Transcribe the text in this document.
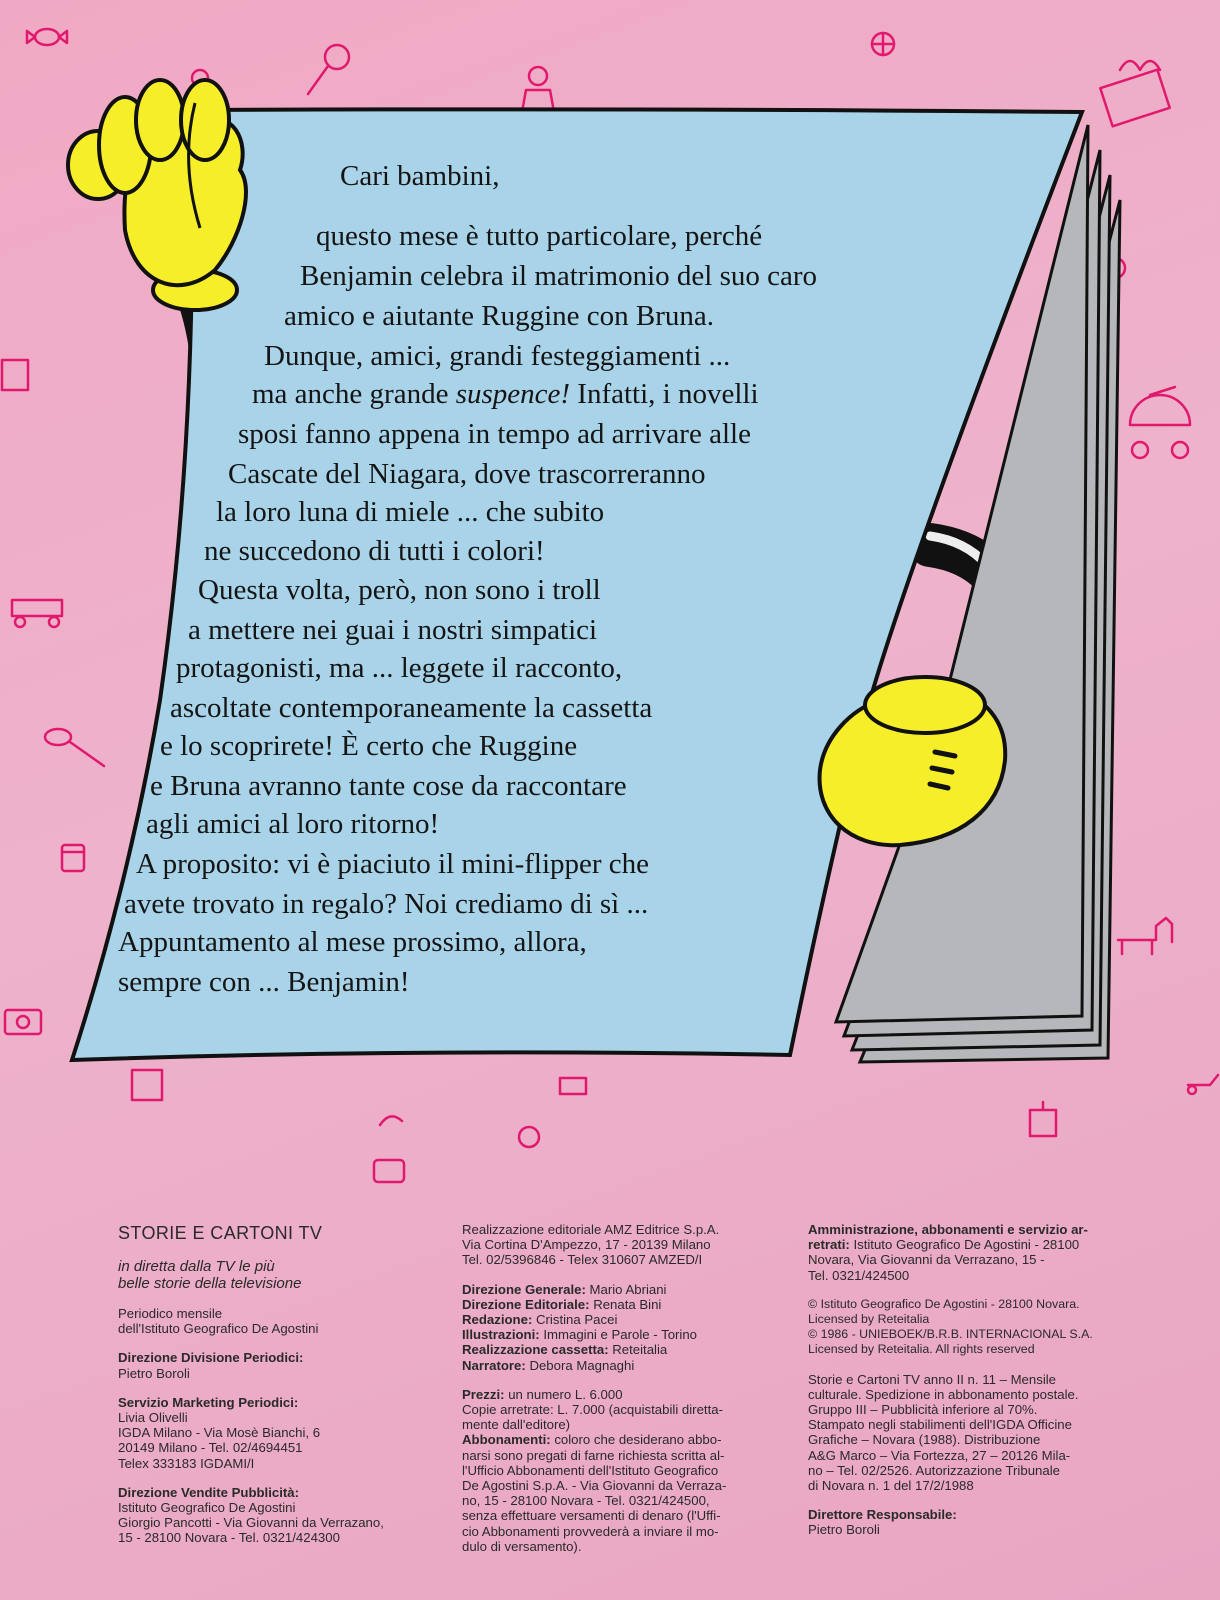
Cari bambini,
questo mese è tutto particolare, perché
Benjamin celebra il matrimonio del suo caro
amico e aiutante Ruggine con Bruna.
Dunque, amici, grandi festeggiamenti ...
ma anche grande suspence! Infatti, i novelli
sposi fanno appena in tempo ad arrivare alle
Cascate del Niagara, dove trascorreranno
la loro luna di miele ... che subito
ne succedono di tutti i colori!
Questa volta, però, non sono i troll
a mettere nei guai i nostri simpatici
protagonisti, ma ... leggete il racconto,
ascoltate contemporaneamente la cassetta
e lo scoprirete! È certo che Ruggine
e Bruna avranno tante cose da raccontare
agli amici al loro ritorno!
A proposito: vi è piaciuto il mini-flipper che
avete trovato in regalo? Noi crediamo di sì ...
Appuntamento al mese prossimo, allora,
sempre con ... Benjamin!

STORIE E CARTONI TV

in diretta dalla TV le più
belle storie della televisione

Periodico mensile
dell'Istituto Geografico De Agostini

Direzione Divisione Periodici:
Pietro Boroli

Servizio Marketing Periodici:
Livia Olivelli
IGDA Milano - Via Mosè Bianchi, 6
20149 Milano - Tel. 02/4694451
Telex 333183 IGDAMI/I

Direzione Vendite Pubblicità:
Istituto Geografico De Agostini
Giorgio Pancotti - Via Giovanni da Verrazano,
15 - 28100 Novara - Tel. 0321/424300

Realizzazione editoriale AMZ Editrice S.p.A.
Via Cortina D'Ampezzo, 17 - 20139 Milano
Tel. 02/5396846 - Telex 310607 AMZED/I

Direzione Generale: Mario Abriani
Direzione Editoriale: Renata Bini
Redazione: Cristina Pacei
Illustrazioni: Immagini e Parole - Torino
Realizzazione cassetta: Reteitalia
Narratore: Debora Magnaghi

Prezzi: un numero L. 6.000
Copie arretrate: L. 7.000 (acquistabili diretta-
mente dall'editore)

Abbonamenti: coloro che desiderano abbo-
narsi sono pregati di farne richiesta scritta al-
l'Ufficio Abbonamenti dell'Istituto Geografico
De Agostini S.p.A. - Via Giovanni da Verraza-
no, 15 - 28100 Novara - Tel. 0321/424500,
senza effettuare versamenti di denaro (l'Uffi-
cio Abbonamenti provvederà a inviare il mo-
dulo di versamento).

Amministrazione, abbonamenti e servizio ar-
retrati: Istituto Geografico De Agostini - 28100
Novara, Via Giovanni da Verrazano, 15 -
Tel. 0321/424500

© Istituto Geografico De Agostini - 28100 Novara.
Licensed by Reteitalia
© 1986 - UNIEBOEK/B.R.B. INTERNACIONAL S.A.
Licensed by Reteitalia. All rights reserved

Storie e Cartoni TV anno II n. 11 – Mensile
culturale. Spedizione in abbonamento postale.
Gruppo III – Pubblicità inferiore al 70%.
Stampato negli stabilimenti dell'IGDA Officine
Grafiche – Novara (1988). Distribuzione
A&G Marco – Via Fortezza, 27 – 20126 Mila-
no – Tel. 02/2526. Autorizzazione Tribunale
di Novara n. 1 del 17/2/1988

Direttore Responsabile:
Pietro Boroli
